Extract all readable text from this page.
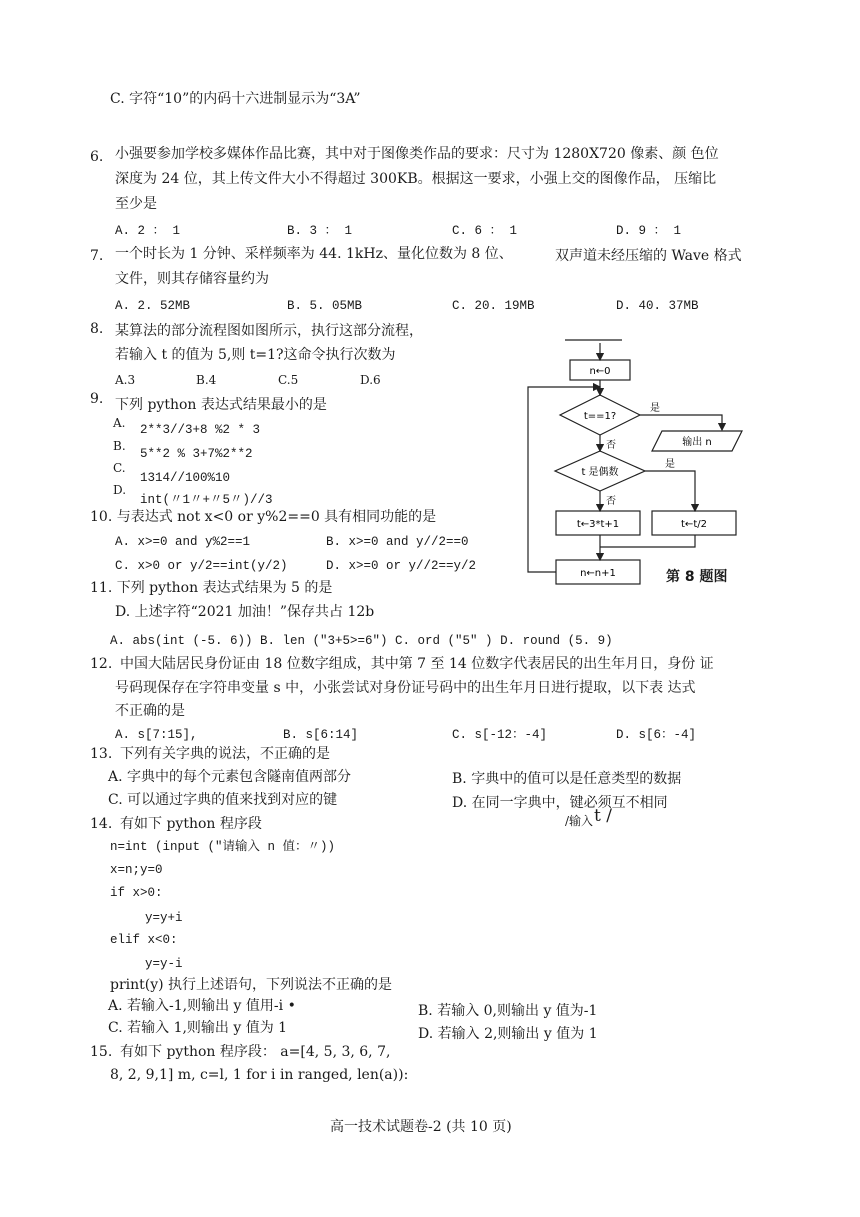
C. 字符“10”的内码十六进制显示为“3A”
6. 小强要参加学校多媒体作品比赛，其中对于图像类作品的要求：尺寸为 1280X720 像素、颜 色位
深度为 24 位，其上传文件大小不得超过 300KB。根据这一要求，小强上交的图像作品， 压缩比
至少是
A. 2 ： 1	B. 3 ： 1	C. 6 ： 1	D. 9 ： 1
7. 一个时长为 1 分钟、采样频率为 44. 1kHz、量化位数为 8 位、	双声道未经压缩的 Wave 格式
文件，则其存储容量约为
A. 2. 52MB	B. 5. 05MB	C. 20. 19MB	D. 40. 37MB
8. 某算法的部分流程图如图所示，执行这部分流程，
若输入 t 的值为 5,则 t=1?这命令执行次数为
A.3	B.4	C.5	D.6
9. 下列 python 表达式结果最小的是
A. 2**3//3+8 %2 * 3
B.
5**2 % 3+7%2**2
C.
1314//100%10
D.
int(〃1〃+〃5〃)//3
10. 与表达式 not x<0 or y%2==0 具有相同功能的是
A. x>=0 and y%2==1	B. x>=0 and y//2==0
C. x>0 or y/2==int(y/2)	D. x>=0 or y//2==y/2
11. 下列 python 表达式结果为 5 的是
D. 上述字符“2021 加油！”保存共占 12b
A. abs(int (-5. 6)) B. len (″3+5>=6″) C. ord (″5″ ) D. round (5. 9)
12. 中国大陆居民身份证由 18 位数字组成，其中第 7 至 14 位数字代表居民的出生年月日，身份 证
号码现保存在字符串变量 s 中，小张尝试对身份证号码中的出生年月日进行提取，以下表 达式
不正确的是
A. s[7:15],	B. s[6:14]	C. s[-12：-4]	D. s[6：-4]
13. 下列有关字典的说法，不正确的是
A. 字典中的每个元素包含隧南值两部分	B. 字典中的值可以是任意类型的数据
C. 可以通过字典的值来找到对应的键	D. 在同一字典中，键必须互不相同
/输入 t /
14. 有如下 python 程序段
n=int (input (″请输入 n 值：〃))
x=n;y=0
if x>0:
y=y+i
elif x<0:
y=y-i
print(y) 执行上述语句，下列说法不正确的是
A. 若输入-1,则输出 y 值用-i •	B. 若输入 0,则输出 y 值为-1
C. 若输入 1,则输出 y 值为 1	D. 若输入 2,则输出 y 值为 1
15. 有如下 python 程序段： a=[4, 5, 3, 6, 7,
8, 2, 9,1] m, c=l, 1 for i in ranged, len(a)):
高一技术试题卷-2 (共 10 页)
n←0
t==1?
是
输出 n
否
t 是偶数
是
否
t←3*t+1	t←t/2
n←n+1	第 8 题图
